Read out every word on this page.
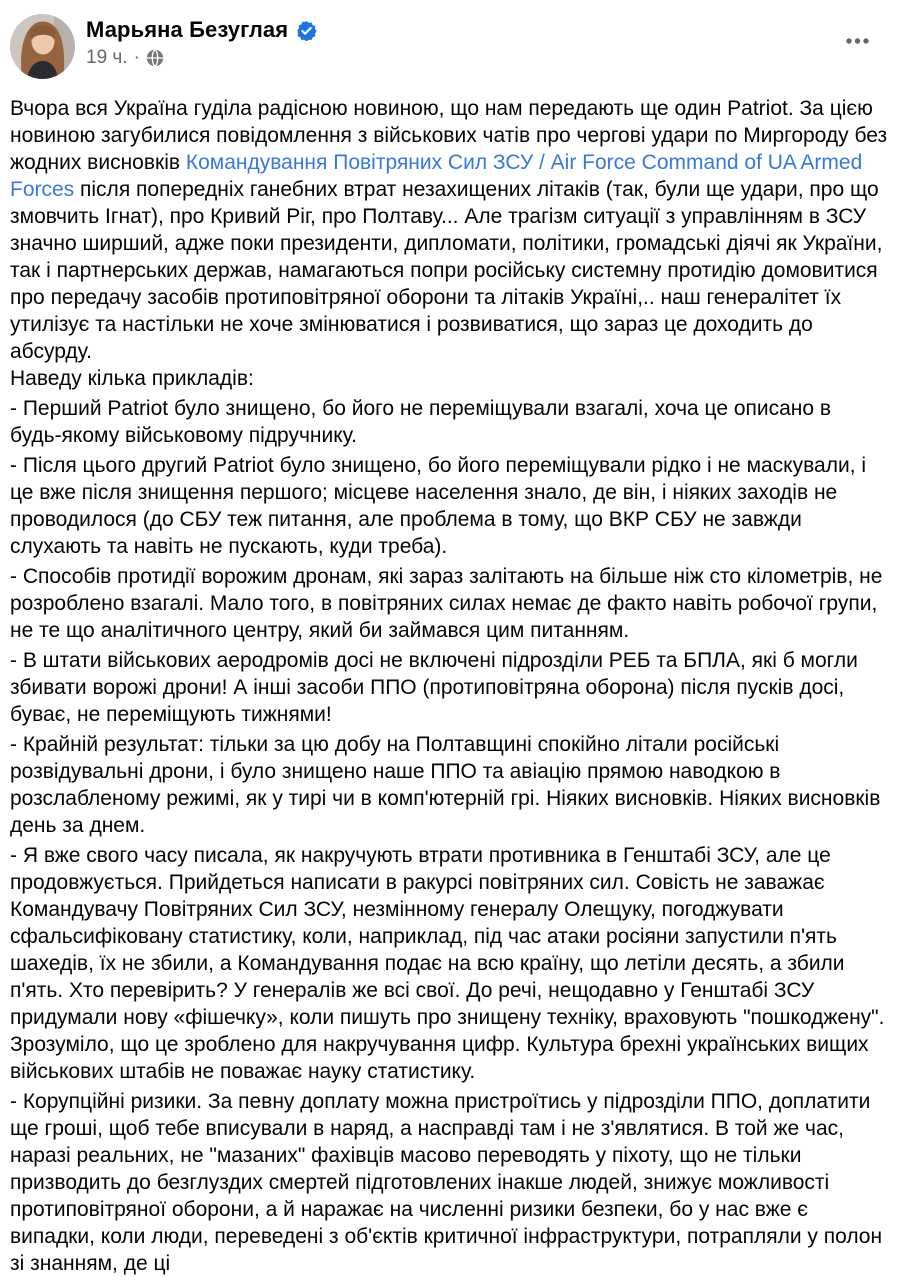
Марьяна Безуглая
19 ч. ·
Вчора вся Україна гуділа радісною новиною, що нам передають ще один Patriot. За цією новиною загубилися повідомлення з військових чатів про чергові удари по Миргороду без жодних висновків Командування Повітряних Сил ЗСУ / Air Force Command of UA Armed Forces після попередніх ганебних втрат незахищених літаків (так, були ще удари, про що змовчить Ігнат), про Кривий Ріг, про Полтаву... Але трагізм ситуації з управлінням в ЗСУ значно ширший, адже поки президенти, дипломати, політики, громадські діячі як України, так і партнерських держав, намагаються попри російську системну протидію домовитися про передачу засобів протиповітряної оборони та літаків Україні,.. наш генералітет їх утилізує та настільки не хоче змінюватися і розвиватися, що зараз це доходить до абсурду.
Наведу кілька прикладів:
- Перший Patriot було знищено, бо його не переміщували взагалі, хоча це описано в будь-якому військовому підручнику.
- Після цього другий Patriot було знищено, бо його переміщували рідко і не маскували, і це вже після знищення першого; місцеве населення знало, де він, і ніяких заходів не проводилося (до СБУ теж питання, але проблема в тому, що ВКР СБУ не завжди слухають та навіть не пускають, куди треба).
- Способів протидії ворожим дронам, які зараз залітають на більше ніж сто кілометрів, не розроблено взагалі. Мало того, в повітряних силах немає де факто навіть робочої групи, не те що аналітичного центру, який би займався цим питанням.
- В штати військових аеродромів досі не включені підрозділи РЕБ та БПЛА, які б могли збивати ворожі дрони! А інші засоби ППО (протиповітряна оборона) після пусків досі, буває, не переміщують тижнями!
- Крайній результат: тільки за цю добу на Полтавщині спокійно літали російські розвідувальні дрони, і було знищено наше ППО та авіацію прямою наводкою в розслабленому режимі, як у тирі чи в комп'ютерній грі. Ніяких висновків. Ніяких висновків день за днем.
- Я вже свого часу писала, як накручують втрати противника в Генштабі ЗСУ, але це продовжується. Прийдеться написати в ракурсі повітряних сил. Совість не заважає Командувачу Повітряних Сил ЗСУ, незмінному генералу Олещуку, погоджувати сфальсифіковану статистику, коли, наприклад, під час атаки росіяни запустили п'ять шахедів, їх не збили, а Командування подає на всю країну, що летіли десять, а збили п'ять. Хто перевірить? У генералів же всі свої. До речі, нещодавно у Генштабі ЗСУ придумали нову «фішечку», коли пишуть про знищену техніку, враховують "пошкоджену". Зрозуміло, що це зроблено для накручування цифр. Культура брехні українських вищих військових штабів не поважає науку статистику.
- Корупційні ризики. За певну доплату можна пристроїтись у підрозділи ППО, доплатити ще гроші, щоб тебе вписували в наряд, а насправді там і не з'являтися. В той же час, наразі реальних, не "мазаних" фахівців масово переводять у піхоту, що не тільки призводить до безглуздих смертей підготовлених інакше людей, знижує можливості протиповітряної оборони, а й наражає на численні ризики безпеки, бо у нас вже є випадки, коли люди, переведені з об'єктів критичної інфраструктури, потрапляли у полон зі знанням, де ці
